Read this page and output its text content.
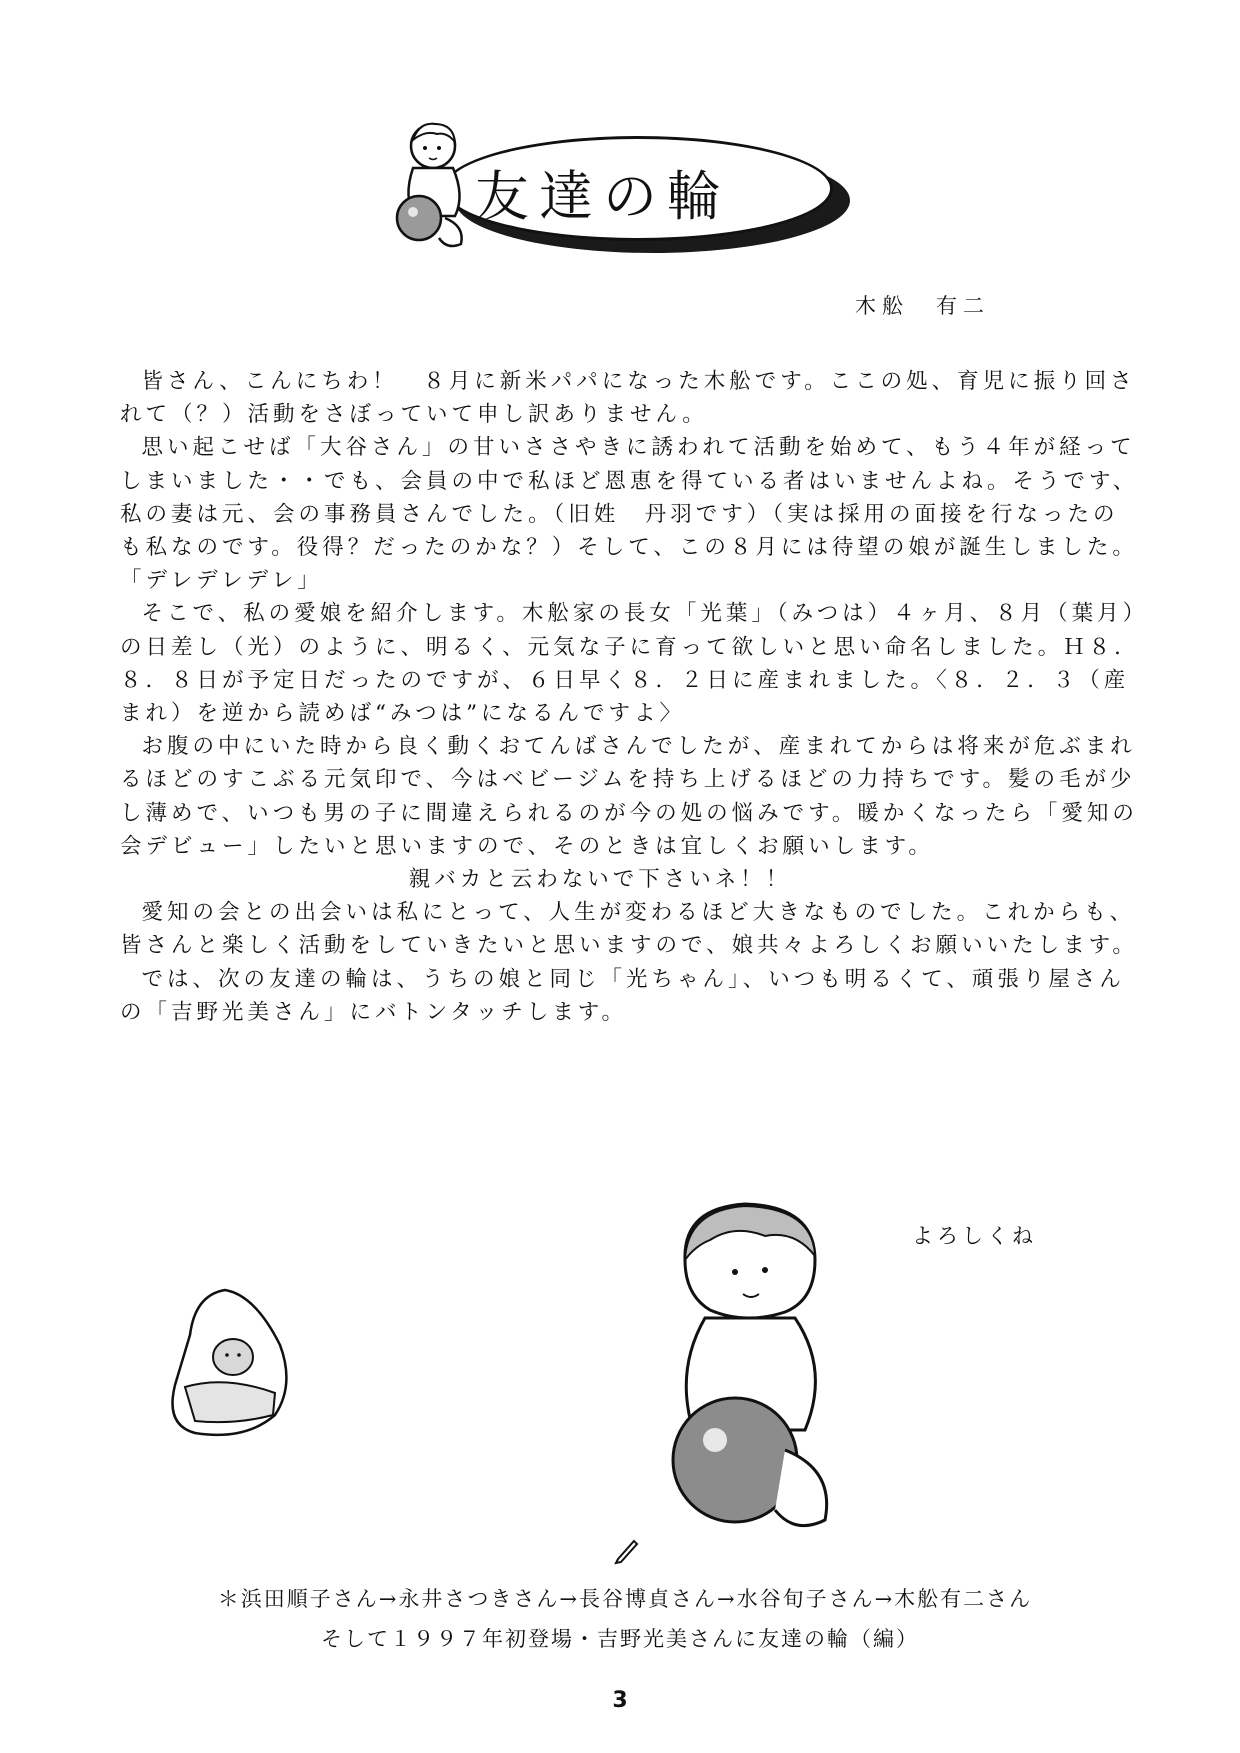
友達の輪
木舩　有二

皆さん、こんにちわ！　８月に新米パパになった木舩です。ここの処、育児に振り回されて（？）活動をさぼっていて申し訳ありません。

思い起こせば「大谷さん」の甘いささやきに誘われて活動を始めて、もう４年が経ってしまいました・・でも、会員の中で私ほど恩恵を得ている者はいませんよね。そうです、私の妻は元、会の事務員さんでした。（旧姓　丹羽です）（実は採用の面接を行なったのも私なのです。役得？だったのかな？）そして、この８月には待望の娘が誕生しました。「デレデレデレ」

そこで、私の愛娘を紹介します。木舩家の長女「光葉」（みつは）４ヶ月、８月（葉月）の日差し（光）のように、明るく、元気な子に育って欲しいと思い命名しました。Ｈ８．８．８日が予定日だったのですが、６日早く８．２日に産まれました。〈８．２．３（産まれ）を逆から読めば“みつは”になるんですよ〉

お腹の中にいた時から良く動くおてんばさんでしたが、産まれてからは将来が危ぶまれるほどのすこぶる元気印で、今はベビージムを持ち上げるほどの力持ちです。髪の毛が少し薄めで、いつも男の子に間違えられるのが今の処の悩みです。暖かくなったら「愛知の会デビュー」したいと思いますので、そのときは宜しくお願いします。

親バカと云わないで下さいネ！！

愛知の会との出会いは私にとって、人生が変わるほど大きなものでした。これからも、皆さんと楽しく活動をしていきたいと思いますので、娘共々よろしくお願いいたします。

では、次の友達の輪は、うちの娘と同じ「光ちゃん」、いつも明るくて、頑張り屋さんの「吉野光美さん」にバトンタッチします。

よろしくね
＊浜田順子さん→永井さつきさん→長谷博貞さん→水谷旬子さん→木舩有二さん
そして１９９７年初登場・吉野光美さんに友達の輪（編）
3
